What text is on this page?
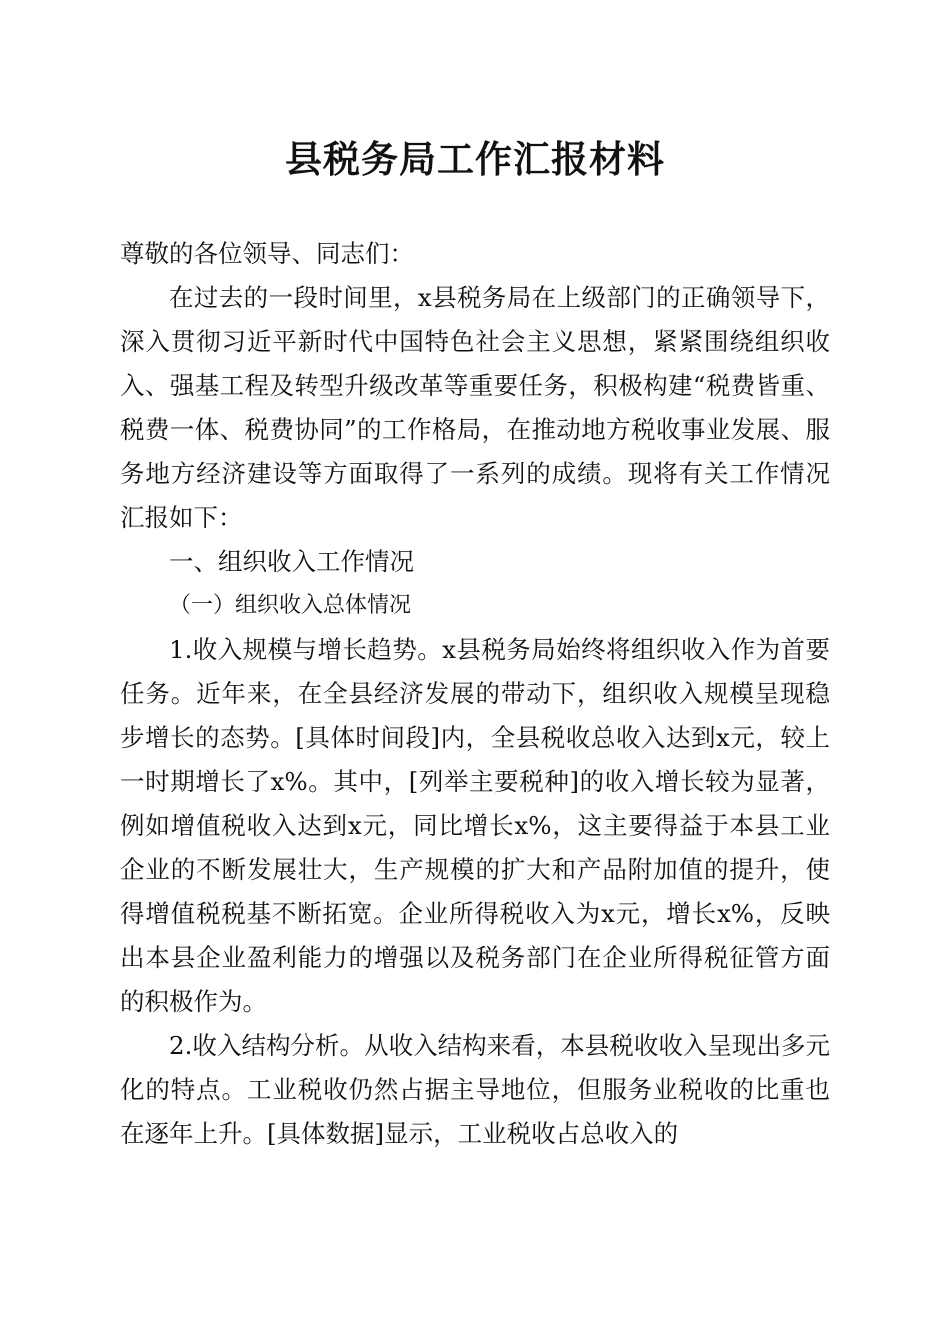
县税务局工作汇报材料

尊敬的各位领导、同志们：

在过去的一段时间里，x县税务局在上级部门的正确领导下，深入贯彻习近平新时代中国特色社会主义思想，紧紧围绕组织收入、强基工程及转型升级改革等重要任务，积极构建“税费皆重、税费一体、税费协同”的工作格局，在推动地方税收事业发展、服务地方经济建设等方面取得了一系列的成绩。现将有关工作情况汇报如下：

一、组织收入工作情况
（一）组织收入总体情况

1.收入规模与增长趋势。x县税务局始终将组织收入作为首要任务。近年来，在全县经济发展的带动下，组织收入规模呈现稳步增长的态势。[具体时间段]内，全县税收总收入达到x元，较上一时期增长了x%。其中，[列举主要税种]的收入增长较为显著，例如增值税收入达到x元，同比增长x%，这主要得益于本县工业企业的不断发展壮大，生产规模的扩大和产品附加值的提升，使得增值税税基不断拓宽。企业所得税收入为x元，增长x%，反映出本县企业盈利能力的增强以及税务部门在企业所得税征管方面的积极作为。

2.收入结构分析。从收入结构来看，本县税收收入呈现出多元化的特点。工业税收仍然占据主导地位，但服务业税收的比重也在逐年上升。[具体数据]显示，工业税收占总收入的
